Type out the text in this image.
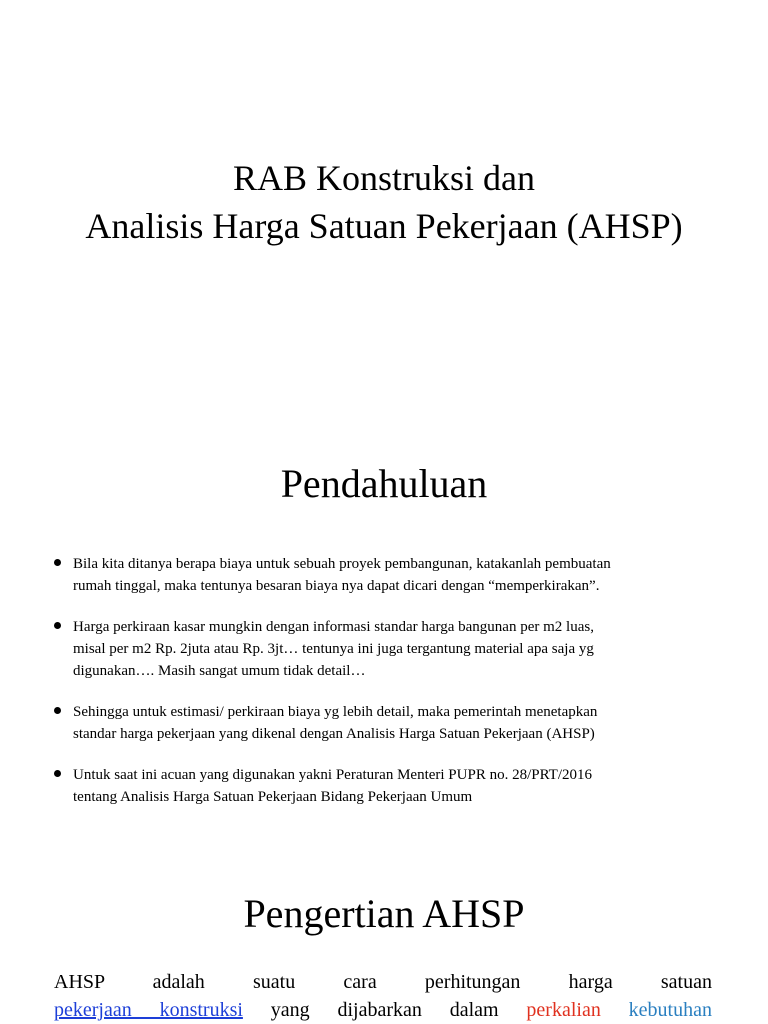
RAB Konstruksi dan
Analisis Harga Satuan Pekerjaan (AHSP)
Pendahuluan
Bila kita ditanya berapa biaya untuk sebuah proyek pembangunan, katakanlah pembuatan
rumah tinggal, maka tentunya besaran biaya nya dapat dicari dengan “memperkirakan”.
Harga perkiraan kasar mungkin dengan informasi standar harga bangunan per m2 luas,
misal per m2 Rp. 2juta atau Rp. 3jt… tentunya ini juga tergantung material apa saja yg
digunakan…. Masih sangat umum tidak detail…
Sehingga untuk estimasi/ perkiraan biaya yg lebih detail, maka pemerintah menetapkan
standar harga pekerjaan yang dikenal dengan Analisis Harga Satuan Pekerjaan (AHSP)
Untuk saat ini acuan yang digunakan yakni Peraturan Menteri PUPR no. 28/PRT/2016
tentang Analisis Harga Satuan Pekerjaan Bidang Pekerjaan Umum
Pengertian AHSP

AHSP adalah suatu cara perhitungan harga satuan
pekerjaan konstruksi yang dijabarkan dalam perkalian kebutuhan
